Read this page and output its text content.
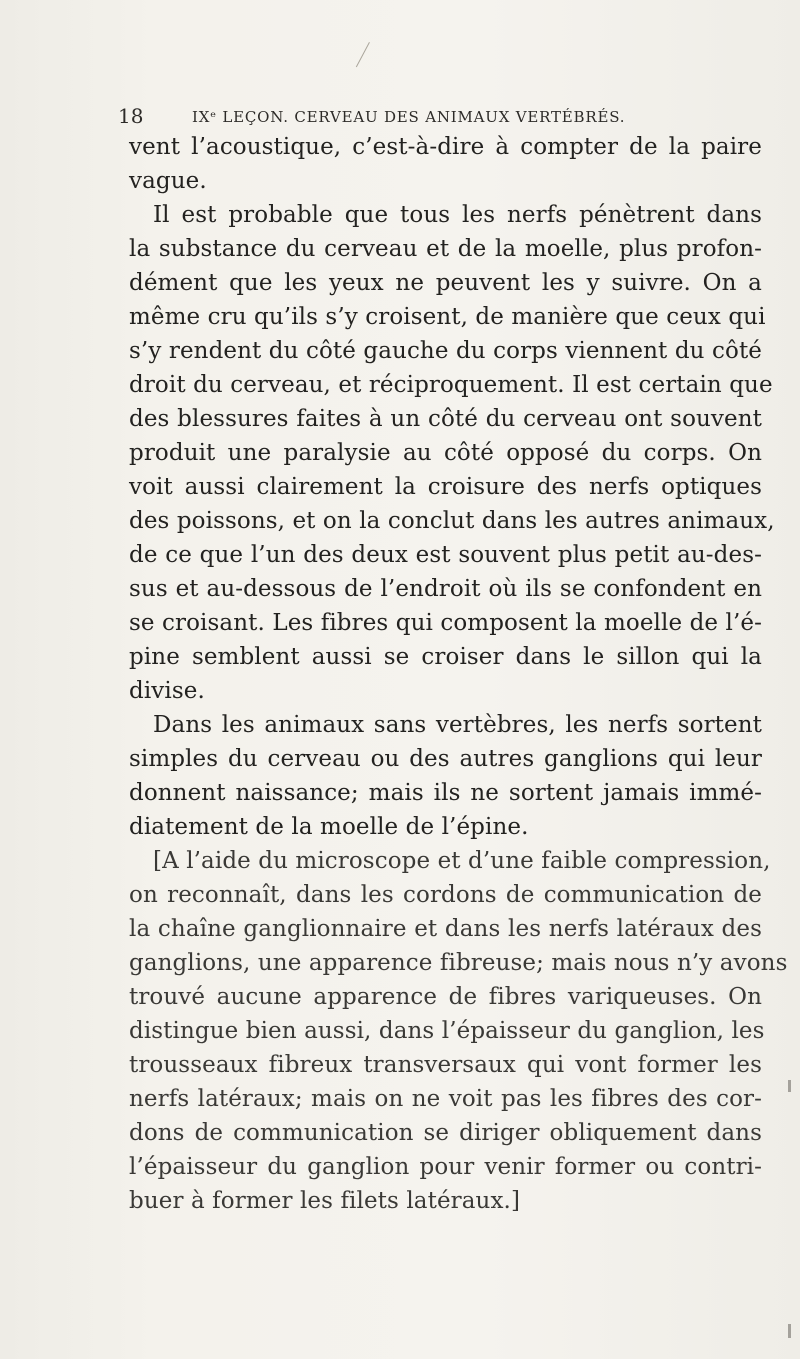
18	IXᵉ LEÇON. CERVEAU DES ANIMAUX VERTÉBRÉS.
vent l’acoustique, c’est-à-dire à compter de la paire
vague.
Il est probable que tous les nerfs pénètrent dans
la substance du cerveau et de la moelle, plus profon-
dément que les yeux ne peuvent les y suivre. On a
même cru qu’ils s’y croisent, de manière que ceux qui
s’y rendent du côté gauche du corps viennent du côté
droit du cerveau, et réciproquement. Il est certain que
des blessures faites à un côté du cerveau ont souvent
produit une paralysie au côté opposé du corps. On
voit aussi clairement la croisure des nerfs optiques
des poissons, et on la conclut dans les autres animaux,
de ce que l’un des deux est souvent plus petit au-des-
sus et au-dessous de l’endroit où ils se confondent en
se croisant. Les fibres qui composent la moelle de l’é-
pine semblent aussi se croiser dans le sillon qui la
divise.
Dans les animaux sans vertèbres, les nerfs sortent
simples du cerveau ou des autres ganglions qui leur
donnent naissance; mais ils ne sortent jamais immé-
diatement de la moelle de l’épine.
[A l’aide du microscope et d’une faible compression,
on reconnaît, dans les cordons de communication de
la chaîne ganglionnaire et dans les nerfs latéraux des
ganglions, une apparence fibreuse; mais nous n’y avons
trouvé aucune apparence de fibres variqueuses. On
distingue bien aussi, dans l’épaisseur du ganglion, les
trousseaux fibreux transversaux qui vont former les
nerfs latéraux; mais on ne voit pas les fibres des cor-
dons de communication se diriger obliquement dans
l’épaisseur du ganglion pour venir former ou contri-
buer à former les filets latéraux.]
